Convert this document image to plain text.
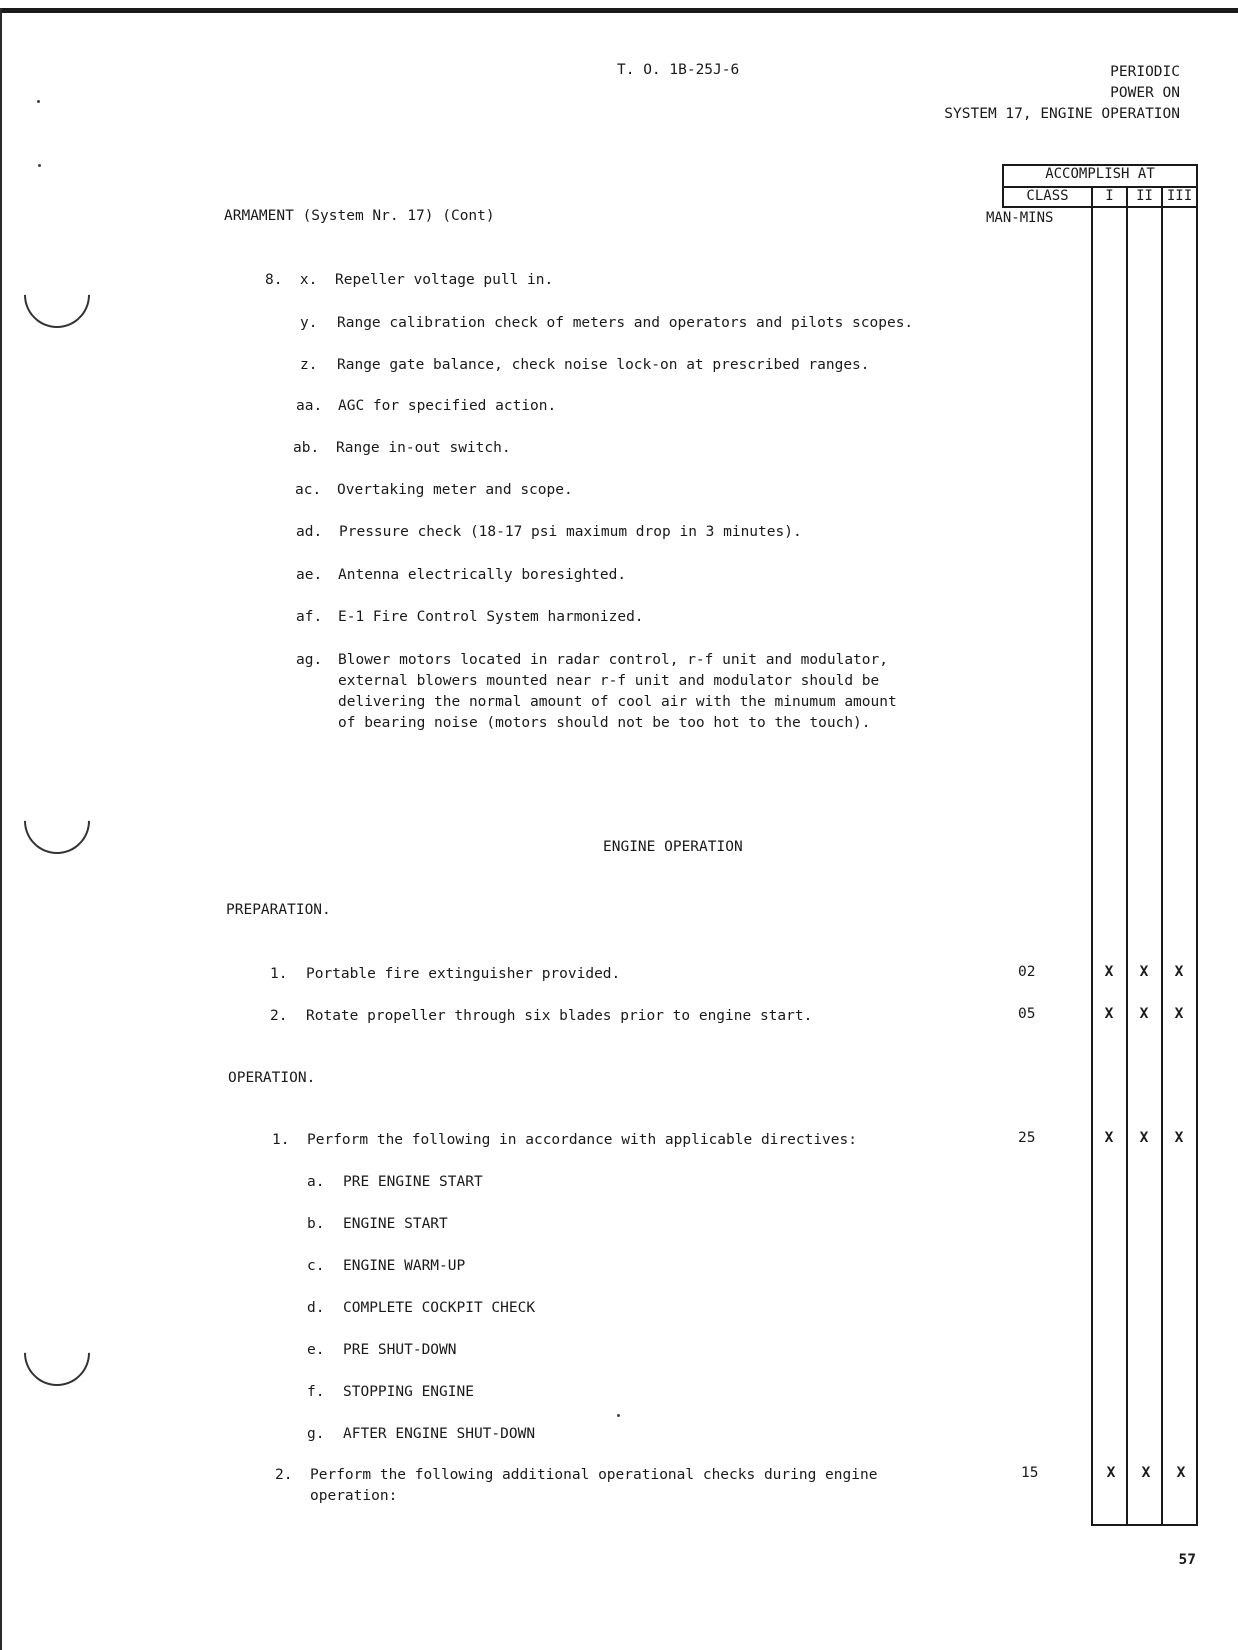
T. O. 1B-25J-6	PERIODIC
POWER ON
SYSTEM 17, ENGINE OPERATION
ACCOMPLISH AT
CLASS	I	II III
MAN-MINS
ARMAMENT (System Nr. 17) (Cont)
8.  x. Repeller voltage pull in.
y. Range calibration check of meters and operators and pilots scopes.
z. Range gate balance, check noise lock-on at prescribed ranges.
aa. AGC for specified action.
ab. Range in-out switch.
ac. Overtaking meter and scope.
ad. Pressure check (18-17 psi maximum drop in 3 minutes).
ae. Antenna electrically boresighted.
af. E-1 Fire Control System harmonized.
ag. Blower motors located in radar control, r-f unit and modulator,
external blowers mounted near r-f unit and modulator should be
delivering the normal amount of cool air with the minumum amount
of bearing noise (motors should not be too hot to the touch).
ENGINE OPERATION
PREPARATION.
1. Portable fire extinguisher provided.	02	X	X	X
2. Rotate propeller through six blades prior to engine start.	05	X	X	X
OPERATION.
1. Perform the following in accordance with applicable directives:	25	X	X	X
a. PRE ENGINE START
b. ENGINE START
c. ENGINE WARM-UP
d. COMPLETE COCKPIT CHECK
e. PRE SHUT-DOWN
f. STOPPING ENGINE
g. AFTER ENGINE SHUT-DOWN
2. Perform the following additional operational checks during engine
operation:
15	X	X	X
57
